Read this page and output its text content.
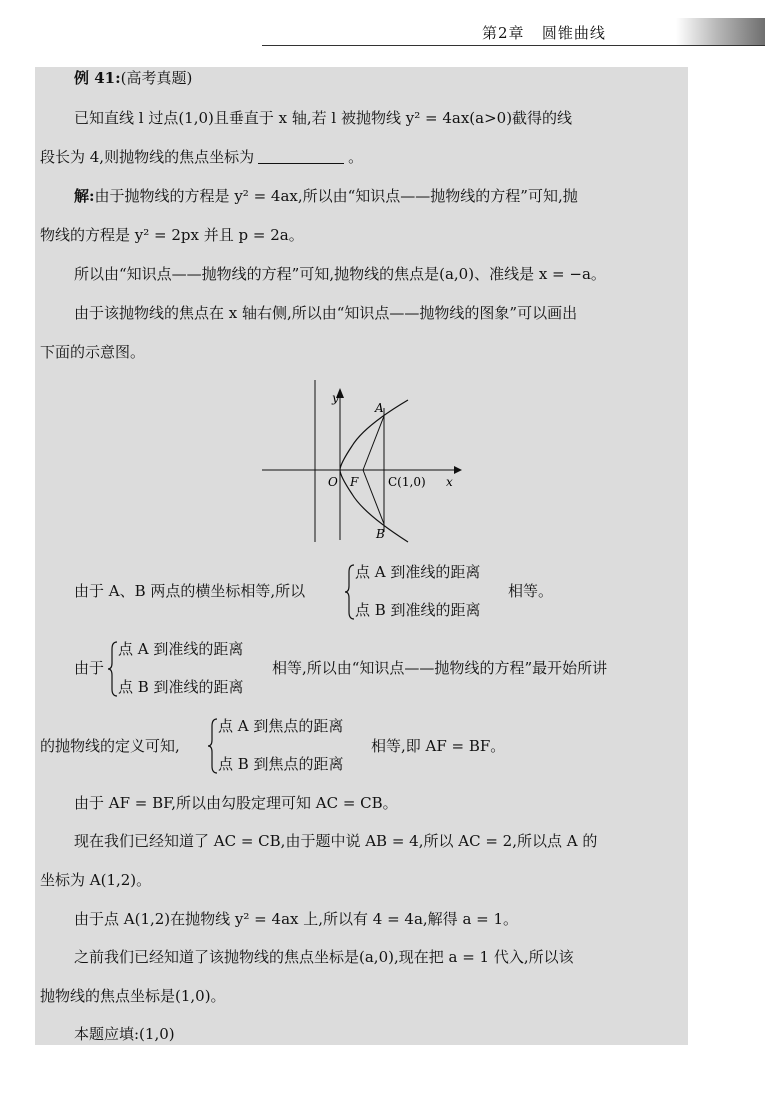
第2章 圆锥曲线
例 41:(高考真题)
已知直线 l 过点(1,0)且垂直于 x 轴,若 l 被抛物线 y² = 4ax(a>0)截得的线
段长为 4,则抛物线的焦点坐标为	。
解:由于抛物线的方程是 y² = 4ax,所以由“知识点——抛物线的方程”可知,抛
物线的方程是 y² = 2px 并且 p = 2a。
所以由“知识点——抛物线的方程”可知,抛物线的焦点是(a,0)、准线是 x = −a。
由于该抛物线的焦点在 x 轴右侧,所以由“知识点——抛物线的图象”可以画出
下面的示意图。
y
x
O F C(1,0)
A
B
由于 A、B 两点的横坐标相等,所以
点 A 到准线的距离
点 B 到准线的距离
相等。
由于
点 A 到准线的距离
点 B 到准线的距离
相等,所以由“知识点——抛物线的方程”最开始所讲
的抛物线的定义可知,
点 A 到焦点的距离
点 B 到焦点的距离
相等,即 AF = BF。
由于 AF = BF,所以由勾股定理可知 AC = CB。
现在我们已经知道了 AC = CB,由于题中说 AB = 4,所以 AC = 2,所以点 A 的
坐标为 A(1,2)。
由于点 A(1,2)在抛物线 y² = 4ax 上,所以有 4 = 4a,解得 a = 1。
之前我们已经知道了该抛物线的焦点坐标是(a,0),现在把 a = 1 代入,所以该
抛物线的焦点坐标是(1,0)。
本题应填:(1,0)
